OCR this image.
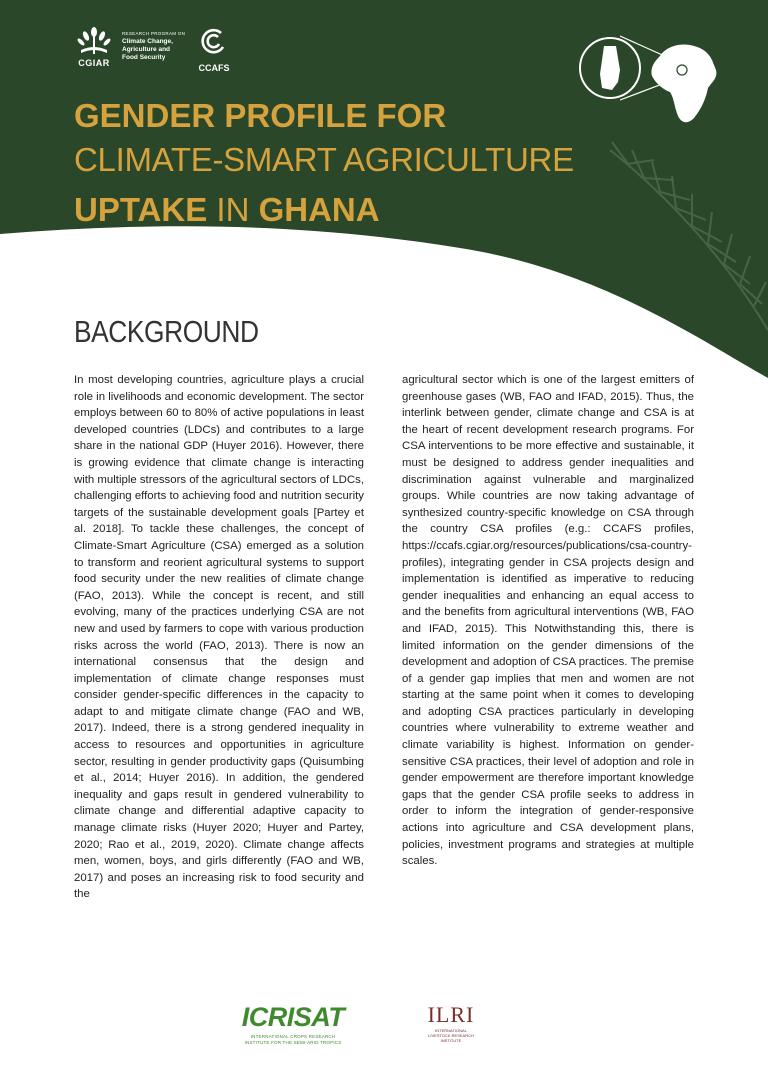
CGIAR
RESEARCH PROGRAM ON
Climate Change,
Agriculture and
Food Security
CCAFS
GENDER PROFILE FOR
CLIMATE-SMART AGRICULTURE
UPTAKE IN GHANA
BACKGROUND
In most developing countries, agriculture plays a crucial role in livelihoods and economic development. The sector employs between 60 to 80% of active populations in least developed countries (LDCs) and contributes to a large share in the national GDP (Huyer 2016). However, there is growing evidence that climate change is interacting with multiple stressors of the agricultural sectors of LDCs, challenging efforts to achieving food and nutrition security targets of the sustainable development goals [Partey et al. 2018]. To tackle these challenges, the concept of Climate-Smart Agriculture (CSA) emerged as a solution to transform and reorient agricultural systems to support food security under the new realities of climate change (FAO, 2013). While the concept is recent, and still evolving, many of the practices underlying CSA are not new and used by farmers to cope with various production risks across the world (FAO, 2013). There is now an international consensus that the design and implementation of climate change responses must consider gender-specific differences in the capacity to adapt to and mitigate climate change (FAO and WB, 2017). Indeed, there is a strong gendered inequality in access to resources and opportunities in agriculture sector, resulting in gender productivity gaps (Quisumbing et al., 2014; Huyer 2016). In addition, the gendered inequality and gaps result in gendered vulnerability to climate change and differential adaptive capacity to manage climate risks (Huyer 2020; Huyer and Partey, 2020; Rao et al., 2019, 2020). Climate change affects men, women, boys, and girls differently (FAO and WB, 2017) and poses an increasing risk to food security and the
agricultural sector which is one of the largest emitters of greenhouse gases (WB, FAO and IFAD, 2015). Thus, the interlink between gender, climate change and CSA is at the heart of recent development research programs. For CSA interventions to be more effective and sustainable, it must be designed to address gender inequalities and discrimination against vulnerable and marginalized groups. While countries are now taking advantage of synthesized country-specific knowledge on CSA through the country CSA profiles (e.g.: CCAFS profiles, https://ccafs.cgiar.org/resources/publications/csa-country-profiles), integrating gender in CSA projects design and implementation is identified as imperative to reducing gender inequalities and enhancing an equal access to and the benefits from agricultural interventions (WB, FAO and IFAD, 2015). This Notwithstanding this, there is limited information on the gender dimensions of the development and adoption of CSA practices. The premise of a gender gap implies that men and women are not starting at the same point when it comes to developing and adopting CSA practices particularly in developing countries where vulnerability to extreme weather and climate variability is highest. Information on gender-sensitive CSA practices, their level of adoption and role in gender empowerment are therefore important knowledge gaps that the gender CSA profile seeks to address in order to inform the integration of gender-responsive actions into agriculture and CSA development plans, policies, investment programs and strategies at multiple scales.
ICRISAT
INTERNATIONAL CROPS RESEARCH
INSTITUTE FOR THE SEMI-ARID TROPICS
ILRI
INTERNATIONAL
LIVESTOCK RESEARCH
INSTITUTE
